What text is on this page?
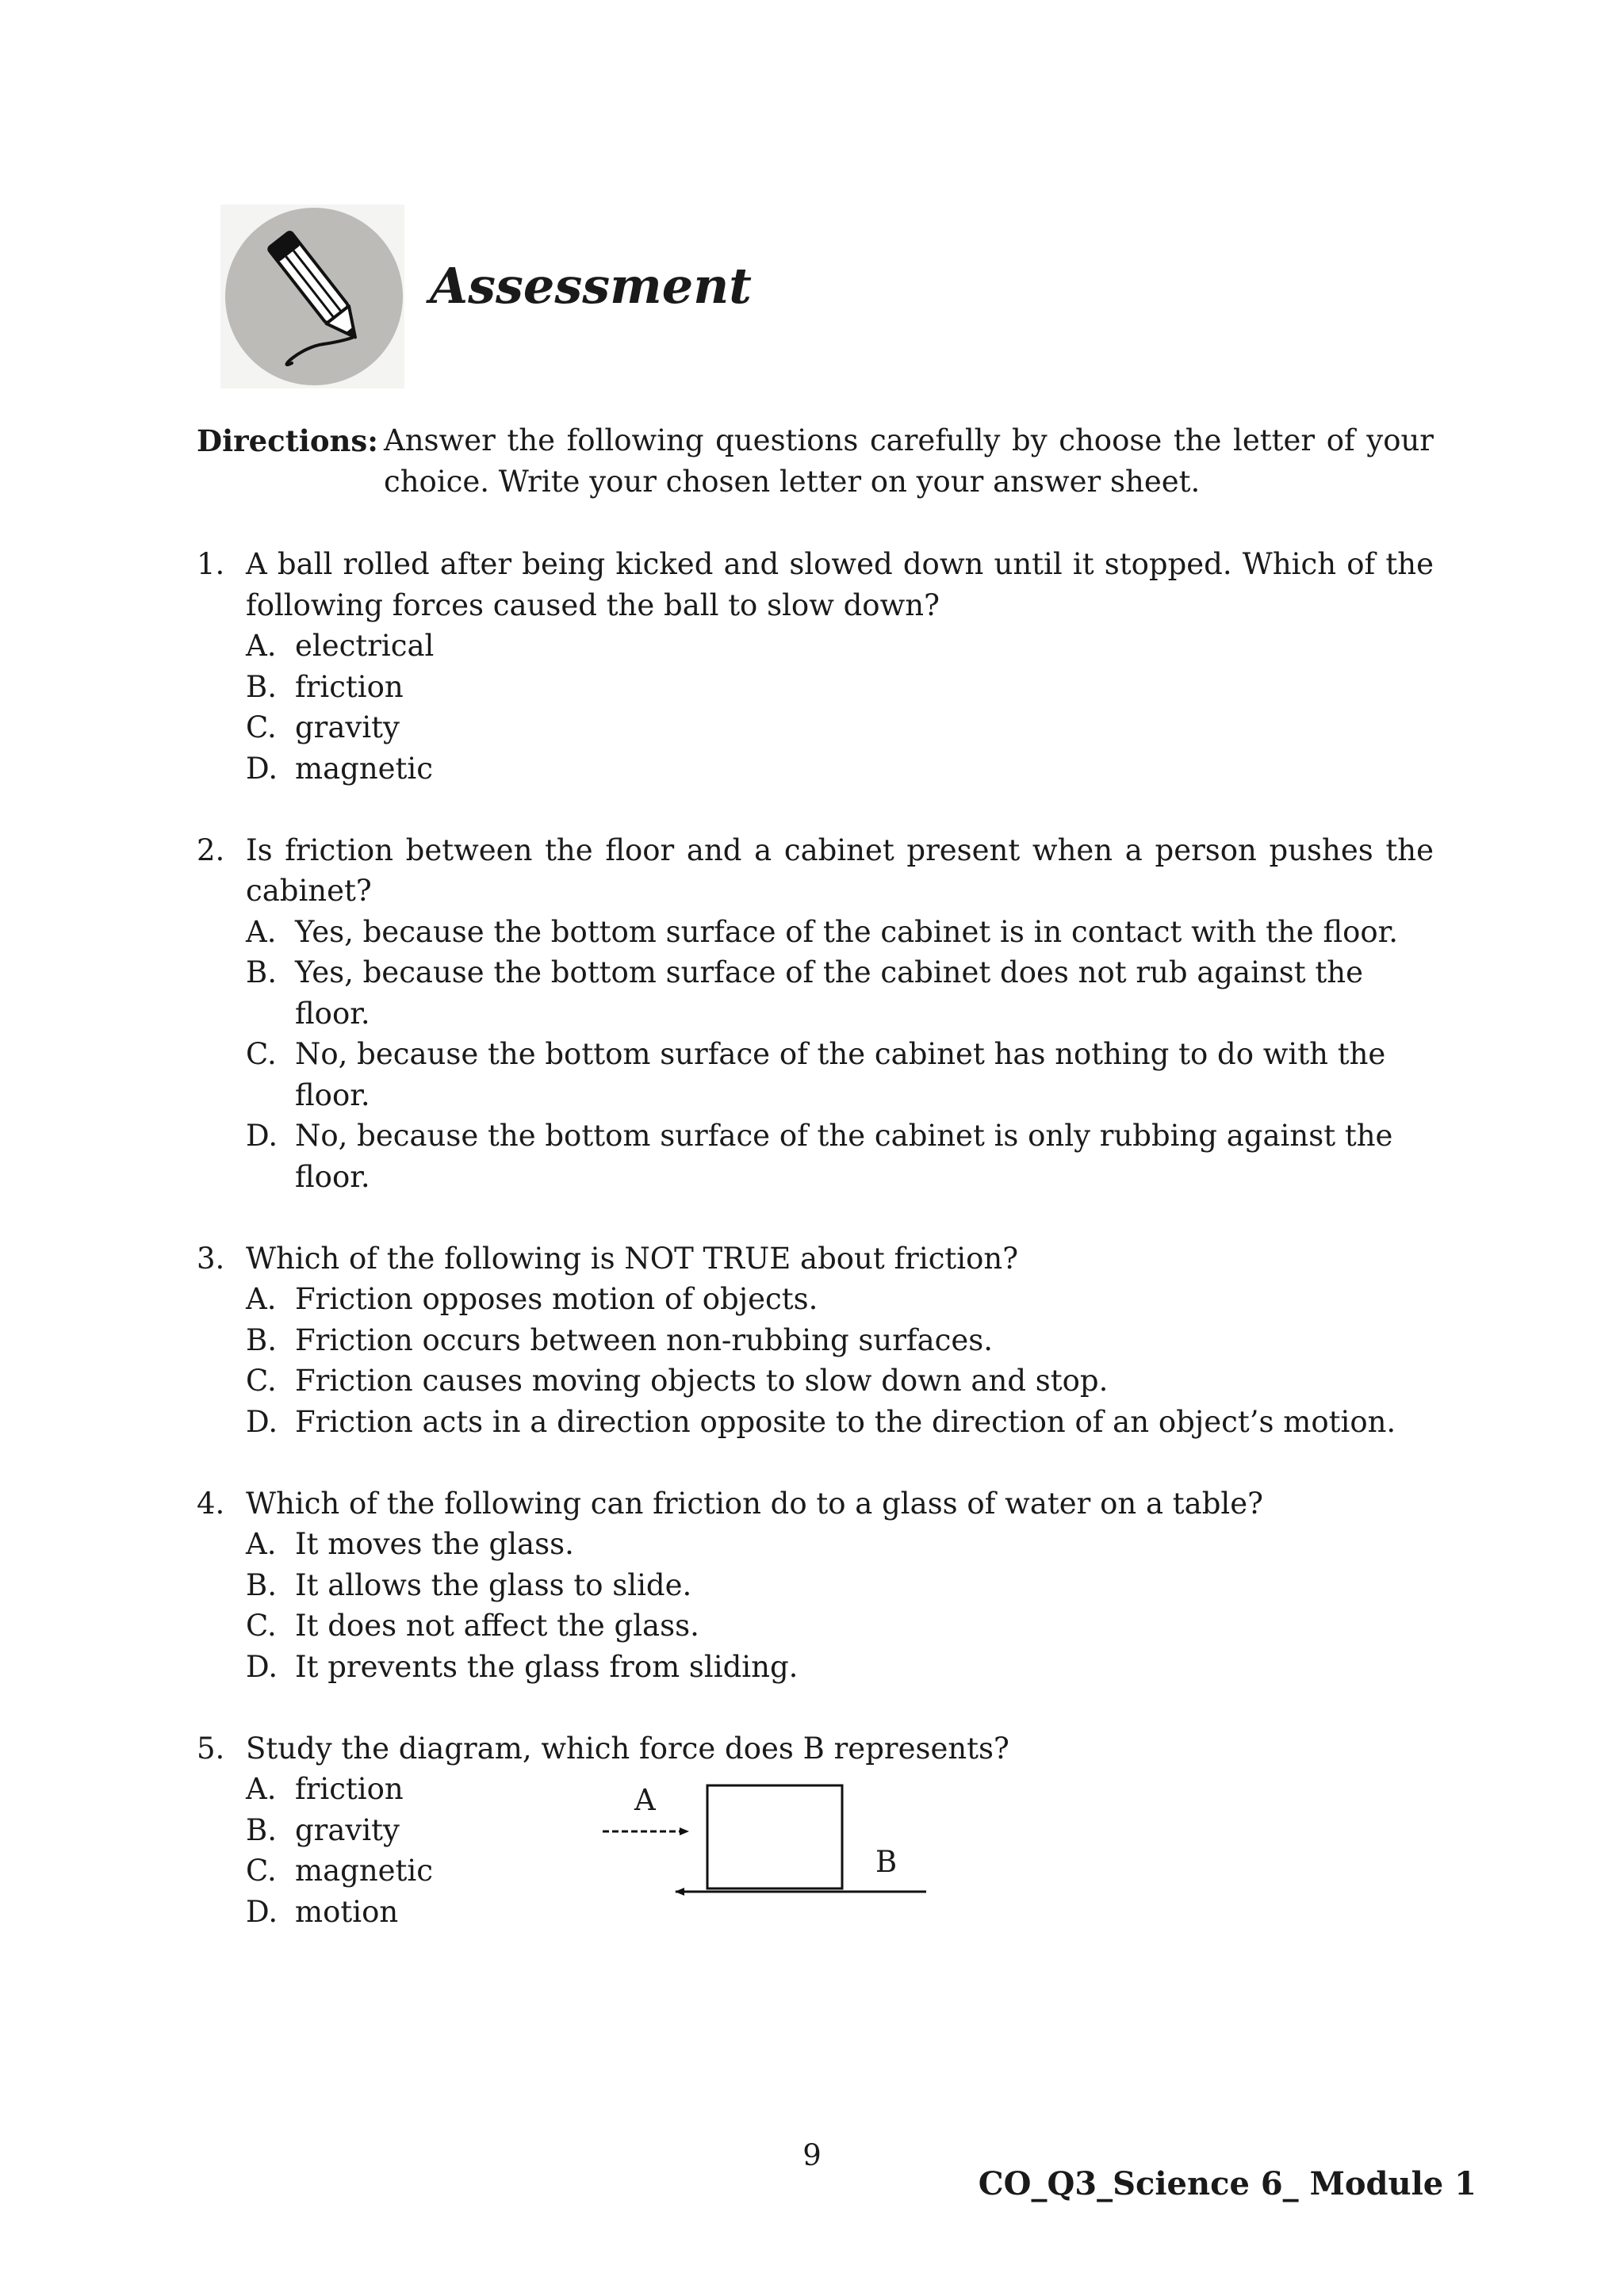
Assessment
Directions: Answer the following questions carefully by choose the letter of your choice. Write your chosen letter on your answer sheet.
1. A ball rolled after being kicked and slowed down until it stopped. Which of the following forces caused the ball to slow down?
A. electrical
B. friction
C. gravity
D. magnetic
2. Is friction between the floor and a cabinet present when a person pushes the cabinet?
A. Yes, because the bottom surface of the cabinet is in contact with the floor.
B. Yes, because the bottom surface of the cabinet does not rub against the floor.
C. No, because the bottom surface of the cabinet has nothing to do with the floor.
D. No, because the bottom surface of the cabinet is only rubbing against the floor.
3. Which of the following is NOT TRUE about friction?
A. Friction opposes motion of objects.
B. Friction occurs between non-rubbing surfaces.
C. Friction causes moving objects to slow down and stop.
D. Friction acts in a direction opposite to the direction of an object’s motion.
4. Which of the following can friction do to a glass of water on a table?
A. It moves the glass.
B. It allows the glass to slide.
C. It does not affect the glass.
D. It prevents the glass from sliding.
5. Study the diagram, which force does B represents?
A. friction
B. gravity
C. magnetic
D. motion
A
B
9
CO_Q3_Science 6_ Module 1
